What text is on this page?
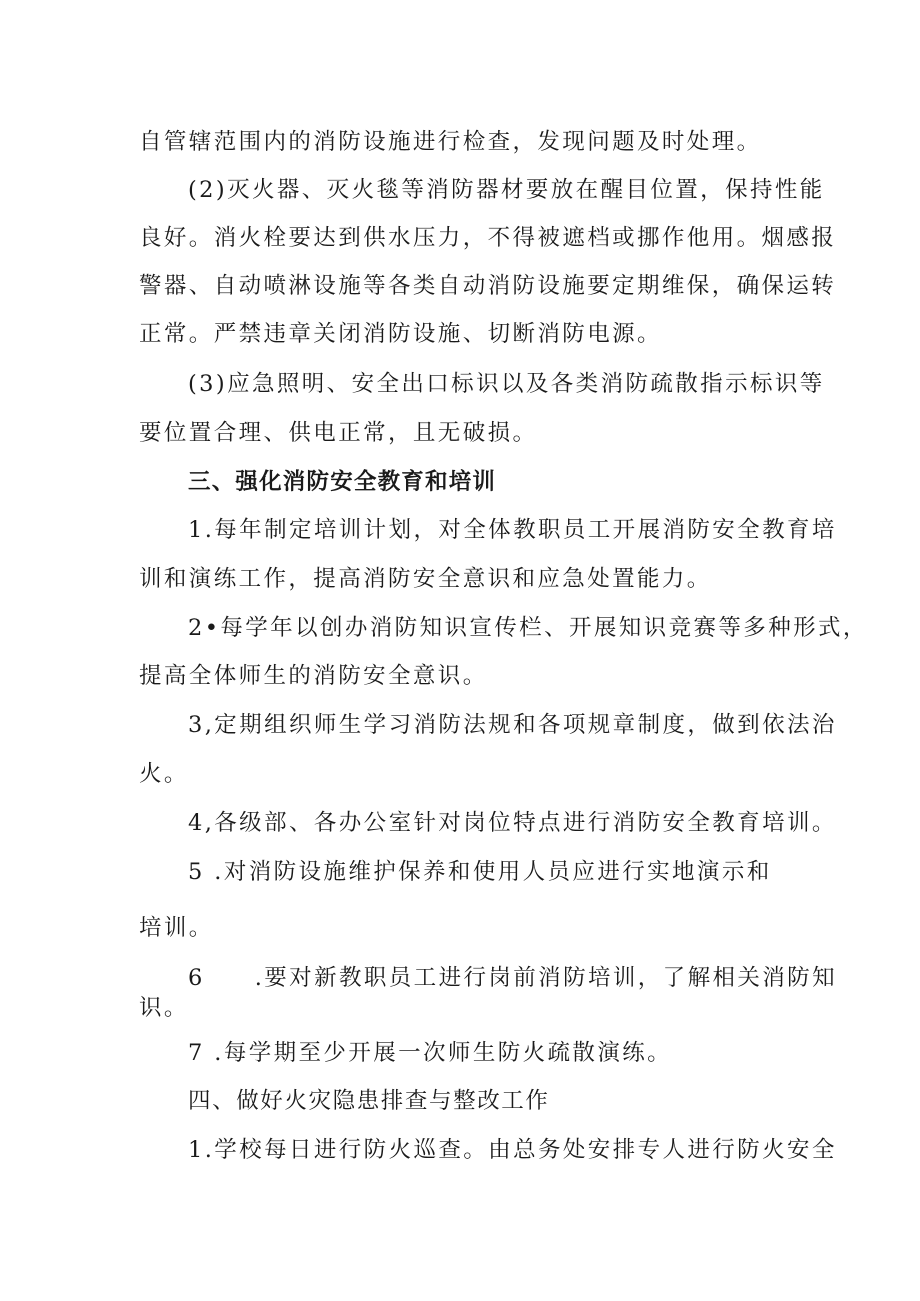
自管辖范围内的消防设施进行检查，发现问题及时处理。
(2)灭火器、灭火毯等消防器材要放在醒目位置，保持性能
良好。消火栓要达到供水压力，不得被遮档或挪作他用。烟感报
警器、自动喷淋设施等各类自动消防设施要定期维保，确保运转
正常。严禁违章关闭消防设施、切断消防电源。
(3)应急照明、安全出口标识以及各类消防疏散指示标识等
要位置合理、供电正常，且无破损。
三、强化消防安全教育和培训
1.每年制定培训计划，对全体教职员工开展消防安全教育培
训和演练工作，提高消防安全意识和应急处置能力。
2•每学年以创办消防知识宣传栏、开展知识竞赛等多种形式，
提高全体师生的消防安全意识。
3,定期组织师生学习消防法规和各项规章制度，做到依法治
火。
4,各级部、各办公室针对岗位特点进行消防安全教育培训。
5 .对消防设施维护保养和使用人员应进行实地演示和
培训。
6 .要对新教职员工进行岗前消防培训，了解相关消防知
识。
7 .每学期至少开展一次师生防火疏散演练。
四、做好火灾隐患排查与整改工作
1.学校每日进行防火巡查。由总务处安排专人进行防火安全
